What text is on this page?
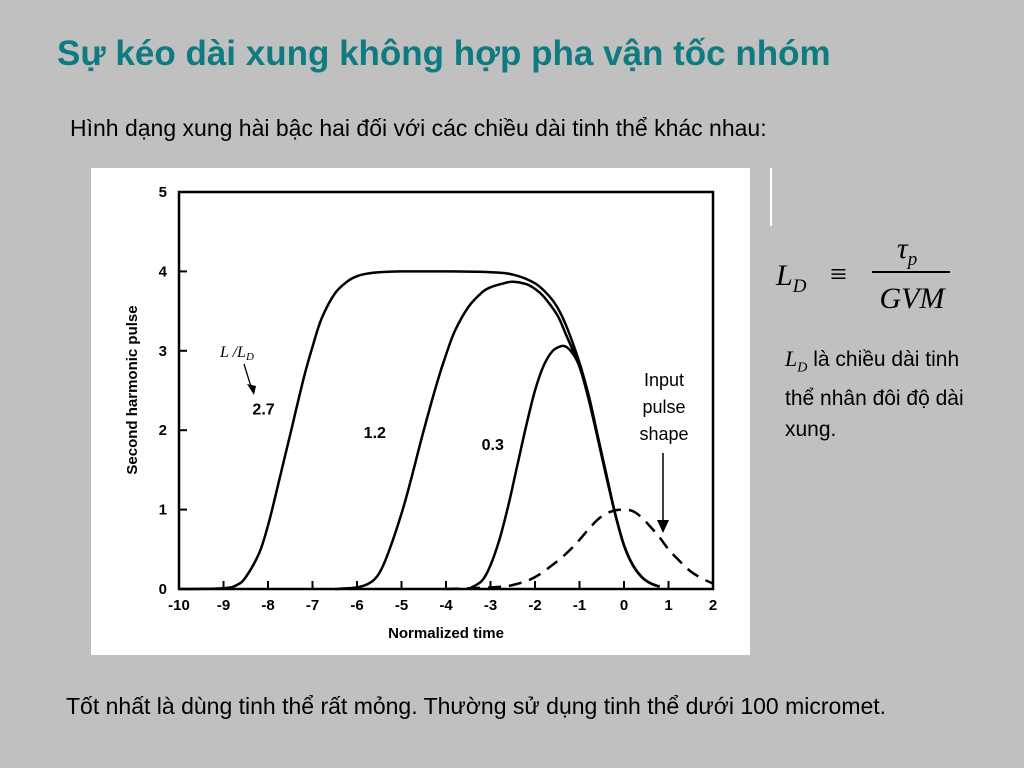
Sự kéo dài xung không hợp pha vận tốc nhóm
Hình dạng xung hài bậc hai đối với các chiều dài tinh thể khác nhau:
-10 -9 -8 -7 -6 -5 -4 -3 -2 -1 0 1 2
0
1
2
3
4
5
2.7
1.2
0.3
Normalized time
Second harmonic pulse	L /LD
Input
pulse
shape
$L_D$ ≡
$\tau_p$
GVM
$L_D$ là chiều dài tinh thể nhân đôi độ dài xung.
Tốt nhất là dùng tinh thể rất mỏng. Thường sử dụng tinh thể dưới 100 micromet.
